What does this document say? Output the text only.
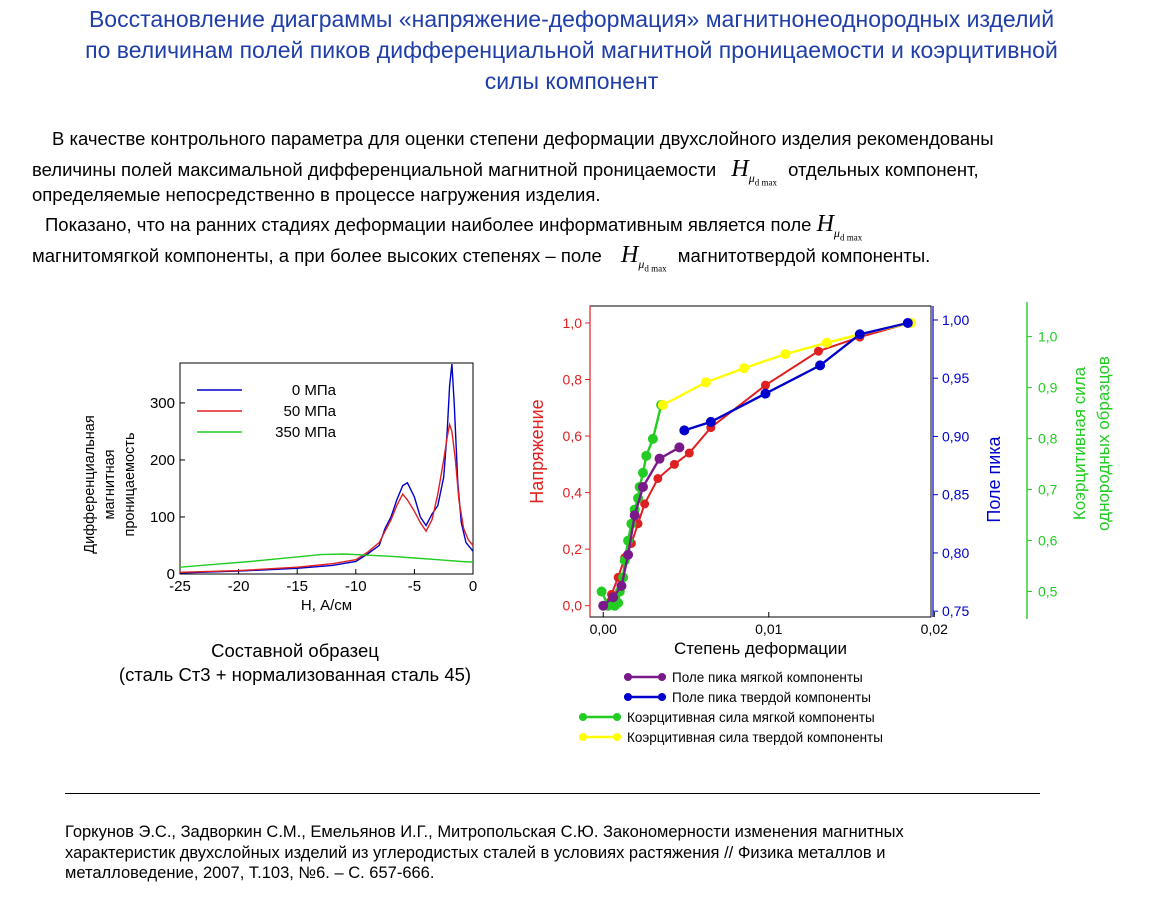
Восстановление диаграммы «напряжение-деформация» магнитнонеоднородных изделий
по величинам полей пиков дифференциальной магнитной проницаемости и коэрцитивной
силы компонент
В качестве контрольного параметра для оценки степени деформации двухслойного изделия рекомендованы
величины полей максимальной дифференциальной магнитной проницаемости $H_{\mu_{d max}}$ отдельных компонент,
определяемые непосредственно в процессе нагружения изделия.
Показано, что на ранних стадиях деформации наиболее информативным является поле $H_{\mu_{d max}}$
магнитомягкой компоненты, а при более высоких степенях – поле $H_{\mu_{d max}}$ магнитотвердой компоненты.
Дифференциальная магнитная проницаемость
-25 -20 -15 -10	-5	0
0
100
200
300
H, А/см
0 МПа
50 МПа
350 МПа
Составной образец
(сталь Ст3 + нормализованная сталь 45)
0,00	0,01	0,02
Степень деформации
0,0
0,2
0,4
0,6
0,8
1,0
Напряжение
0,75
0,80
0,85
0,90
0,95
1,00
Поле пика
0,5
0,6
0,7
0,8
0,9
1,0
Коэрцитивная сила однородных образцов
Поле пика мягкой компоненты
Поле пика твердой компоненты
Коэрцитивная сила мягкой компоненты
Коэрцитивная сила твердой компоненты
Горкунов Э.С., Задворкин С.М., Емельянов И.Г., Митропольская С.Ю. Закономерности изменения магнитных
характеристик двухслойных изделий из углеродистых сталей в условиях растяжения // Физика металлов и
металловедение, 2007, Т.103, №6. – С. 657-666.
